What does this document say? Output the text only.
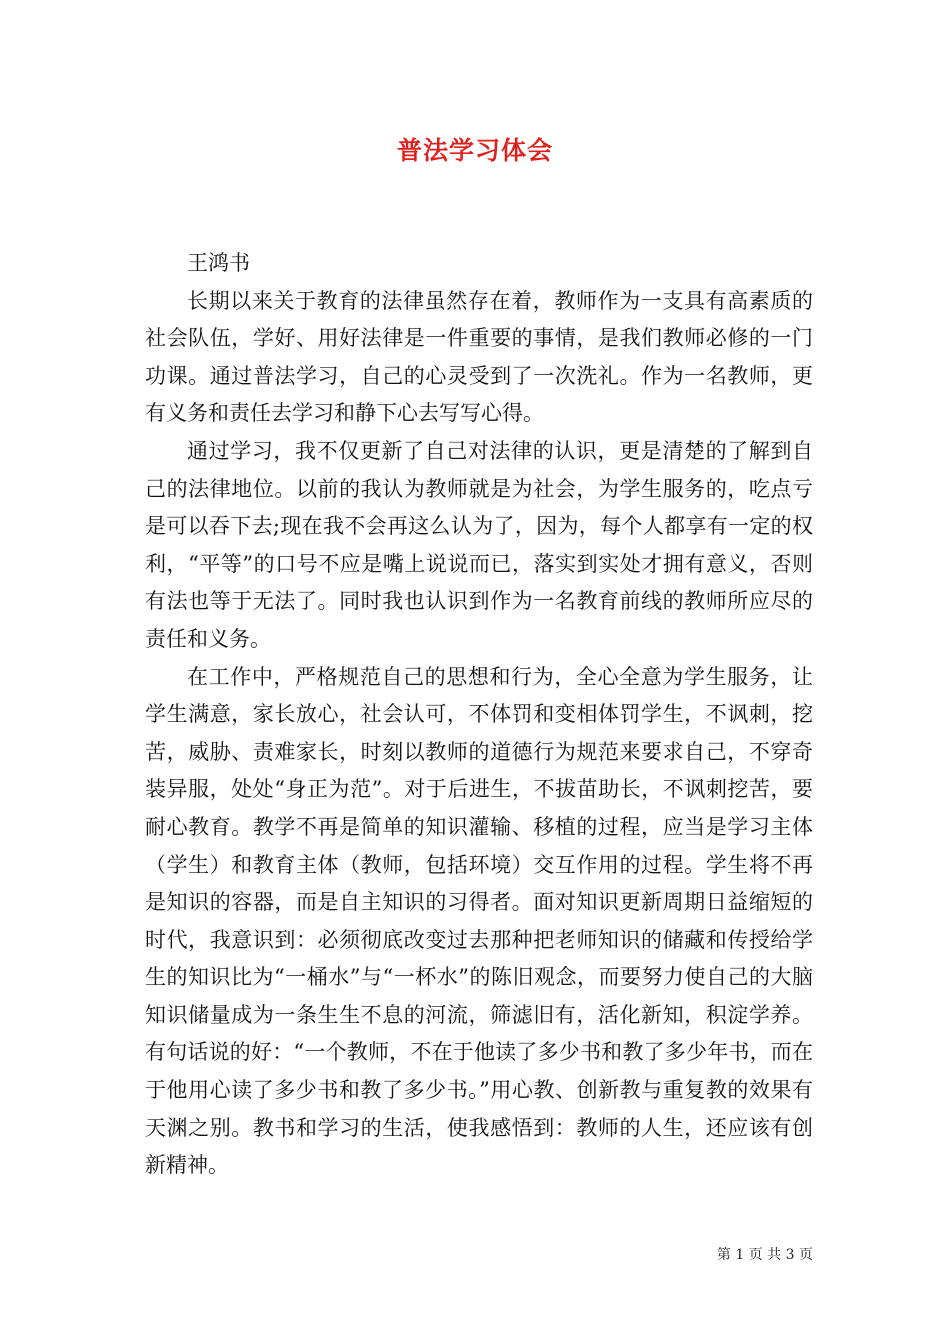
普法学习体会

王鸿书

长期以来关于教育的法律虽然存在着，教师作为一支具有高素质的社会队伍，学好、用好法律是一件重要的事情，是我们教师必修的一门功课。通过普法学习，自己的心灵受到了一次洗礼。作为一名教师，更有义务和责任去学习和静下心去写写心得。

通过学习，我不仅更新了自己对法律的认识，更是清楚的了解到自己的法律地位。以前的我认为教师就是为社会，为学生服务的，吃点亏是可以吞下去;现在我不会再这么认为了，因为，每个人都享有一定的权利，“平等”的口号不应是嘴上说说而已，落实到实处才拥有意义，否则有法也等于无法了。同时我也认识到作为一名教育前线的教师所应尽的责任和义务。

在工作中，严格规范自己的思想和行为，全心全意为学生服务，让学生满意，家长放心，社会认可，不体罚和变相体罚学生，不讽刺，挖苦，威胁、责难家长，时刻以教师的道德行为规范来要求自己，不穿奇装异服，处处“身正为范”。对于后进生，不拔苗助长，不讽刺挖苦，要耐心教育。教学不再是简单的知识灌输、移植的过程，应当是学习主体（学生）和教育主体（教师，包括环境）交互作用的过程。学生将不再是知识的容器，而是自主知识的习得者。面对知识更新周期日益缩短的时代，我意识到：必须彻底改变过去那种把老师知识的储藏和传授给学生的知识比为“一桶水”与“一杯水”的陈旧观念，而要努力使自己的大脑知识储量成为一条生生不息的河流，筛滤旧有，活化新知，积淀学养。有句话说的好：“一个教师，不在于他读了多少书和教了多少年书，而在于他用心读了多少书和教了多少书。”用心教、创新教与重复教的效果有天渊之别。教书和学习的生活，使我感悟到：教师的人生，还应该有创新精神。

第 1 页 共 3 页
